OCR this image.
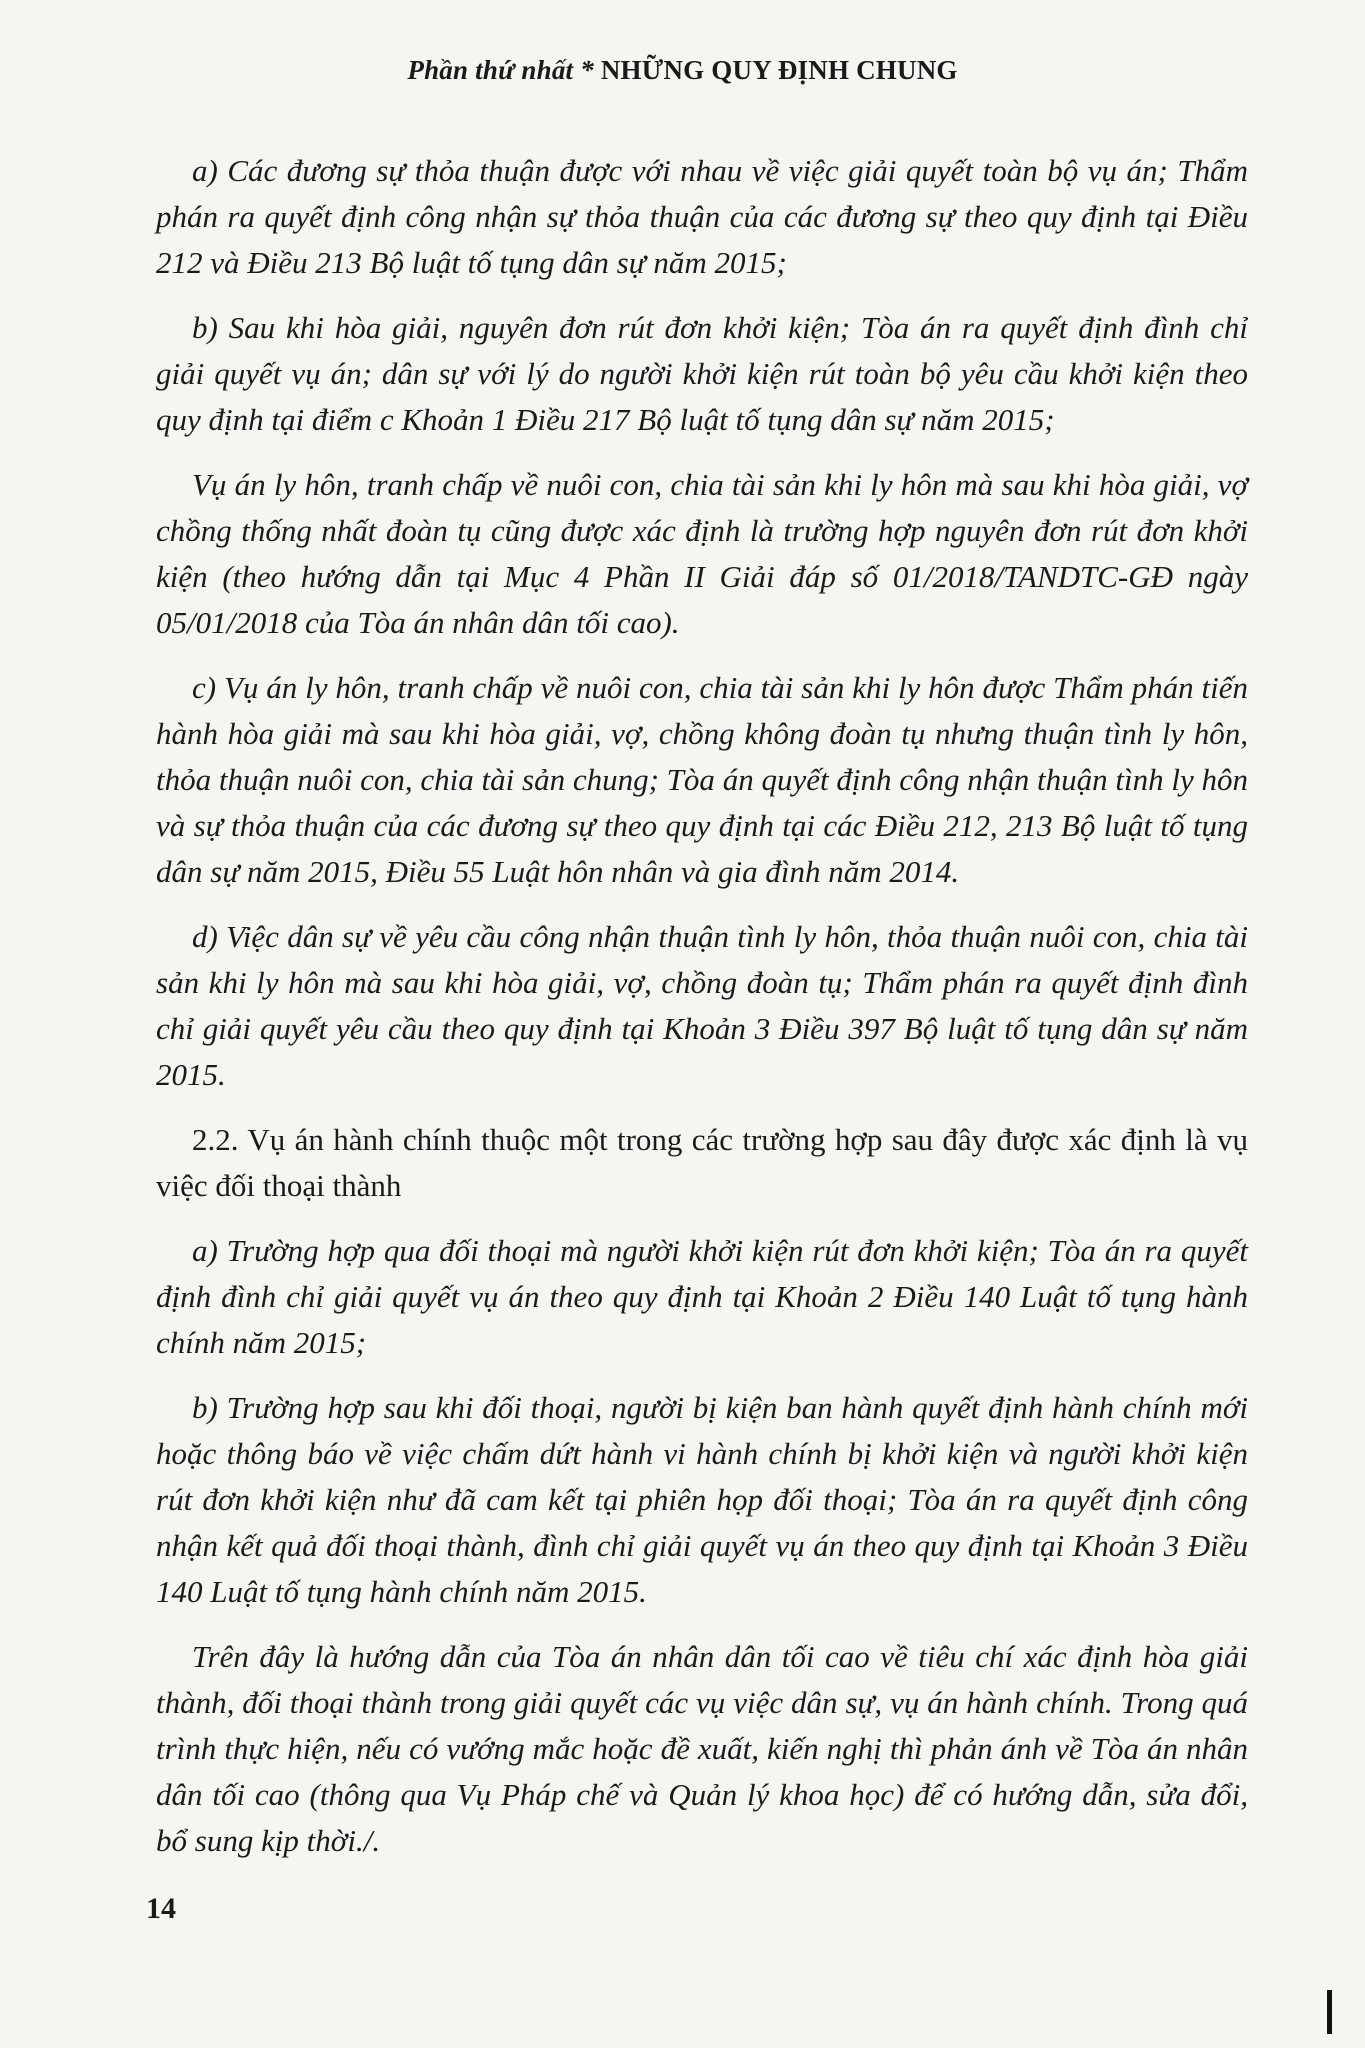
Phần thứ nhất * NHỮNG QUY ĐỊNH CHUNG

a) Các đương sự thỏa thuận được với nhau về việc giải quyết toàn bộ vụ án; Thẩm phán ra quyết định công nhận sự thỏa thuận của các đương sự theo quy định tại Điều 212 và Điều 213 Bộ luật tố tụng dân sự năm 2015;

b) Sau khi hòa giải, nguyên đơn rút đơn khởi kiện; Tòa án ra quyết định đình chỉ giải quyết vụ án; dân sự với lý do người khởi kiện rút toàn bộ yêu cầu khởi kiện theo quy định tại điểm c Khoản 1 Điều 217 Bộ luật tố tụng dân sự năm 2015;

Vụ án ly hôn, tranh chấp về nuôi con, chia tài sản khi ly hôn mà sau khi hòa giải, vợ chồng thống nhất đoàn tụ cũng được xác định là trường hợp nguyên đơn rút đơn khởi kiện (theo hướng dẫn tại Mục 4 Phần II Giải đáp số 01/2018/TANDTC-GĐ ngày 05/01/2018 của Tòa án nhân dân tối cao).

c) Vụ án ly hôn, tranh chấp về nuôi con, chia tài sản khi ly hôn được Thẩm phán tiến hành hòa giải mà sau khi hòa giải, vợ, chồng không đoàn tụ nhưng thuận tình ly hôn, thỏa thuận nuôi con, chia tài sản chung; Tòa án quyết định công nhận thuận tình ly hôn và sự thỏa thuận của các đương sự theo quy định tại các Điều 212, 213 Bộ luật tố tụng dân sự năm 2015, Điều 55 Luật hôn nhân và gia đình năm 2014.

d) Việc dân sự về yêu cầu công nhận thuận tình ly hôn, thỏa thuận nuôi con, chia tài sản khi ly hôn mà sau khi hòa giải, vợ, chồng đoàn tụ; Thẩm phán ra quyết định đình chỉ giải quyết yêu cầu theo quy định tại Khoản 3 Điều 397 Bộ luật tố tụng dân sự năm 2015.

2.2. Vụ án hành chính thuộc một trong các trường hợp sau đây được xác định là vụ việc đối thoại thành

a) Trường hợp qua đối thoại mà người khởi kiện rút đơn khởi kiện; Tòa án ra quyết định đình chỉ giải quyết vụ án theo quy định tại Khoản 2 Điều 140 Luật tố tụng hành chính năm 2015;

b) Trường hợp sau khi đối thoại, người bị kiện ban hành quyết định hành chính mới hoặc thông báo về việc chấm dứt hành vi hành chính bị khởi kiện và người khởi kiện rút đơn khởi kiện như đã cam kết tại phiên họp đối thoại; Tòa án ra quyết định công nhận kết quả đối thoại thành, đình chỉ giải quyết vụ án theo quy định tại Khoản 3 Điều 140 Luật tố tụng hành chính năm 2015.

Trên đây là hướng dẫn của Tòa án nhân dân tối cao về tiêu chí xác định hòa giải thành, đối thoại thành trong giải quyết các vụ việc dân sự, vụ án hành chính. Trong quá trình thực hiện, nếu có vướng mắc hoặc đề xuất, kiến nghị thì phản ánh về Tòa án nhân dân tối cao (thông qua Vụ Pháp chế và Quản lý khoa học) để có hướng dẫn, sửa đổi, bổ sung kịp thời./.

14
